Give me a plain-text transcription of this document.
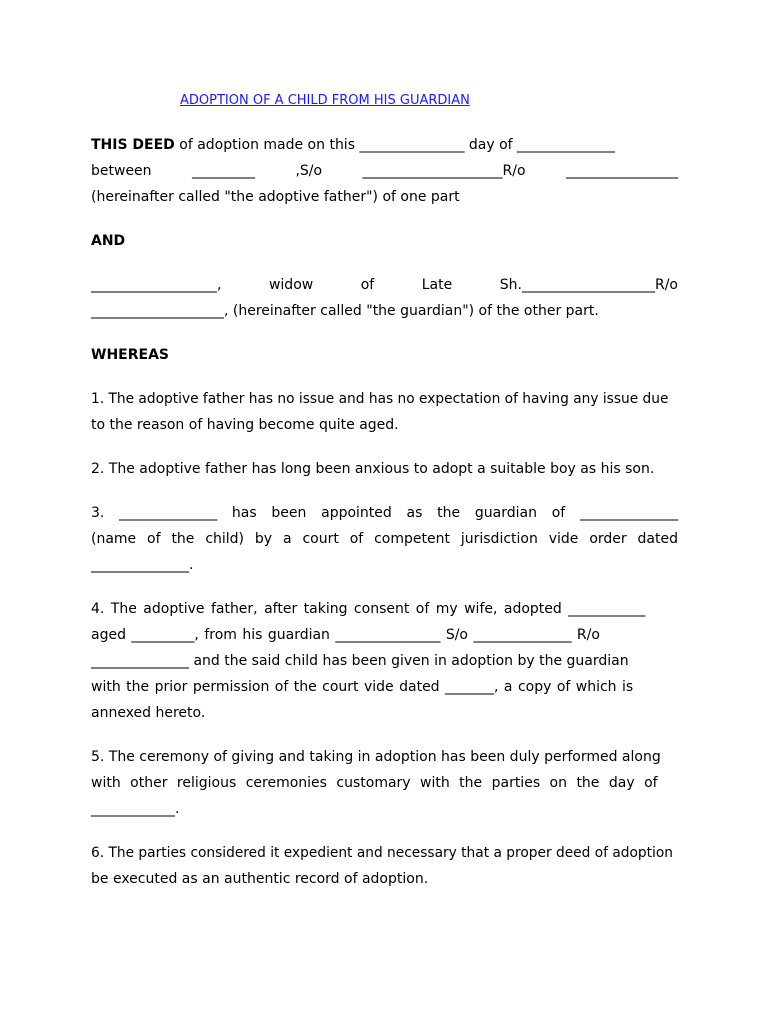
ADOPTION OF A CHILD FROM HIS GUARDIAN
THIS DEED of adoption made on this _______________ day of ______________
between	_________	,S/o	____________________R/o	________________
(hereinafter called "the adoptive father") of one part
AND
__________________,	widow	of	Late	Sh.___________________R/o
___________________, (hereinafter called "the guardian") of the other part.
WHEREAS
1. The adoptive father has no issue and has no expectation of having any issue due
to the reason of having become quite aged.
2. The adoptive father has long been anxious to adopt a suitable boy as his son.
3. ______________ has been appointed as the guardian of ______________
(name of the child) by a court of competent jurisdiction vide order dated
______________.
4. The adoptive father, after taking consent of my wife, adopted ___________
aged _________, from his guardian _______________ S/o ______________ R/o
______________ and the said child has been given in adoption by the guardian
with the prior permission of the court vide dated _______, a copy of which is
annexed hereto.
5. The ceremony of giving and taking in adoption has been duly performed along
with other religious ceremonies customary with the parties on the day of
____________.
6. The parties considered it expedient and necessary that a proper deed of adoption
be executed as an authentic record of adoption.
